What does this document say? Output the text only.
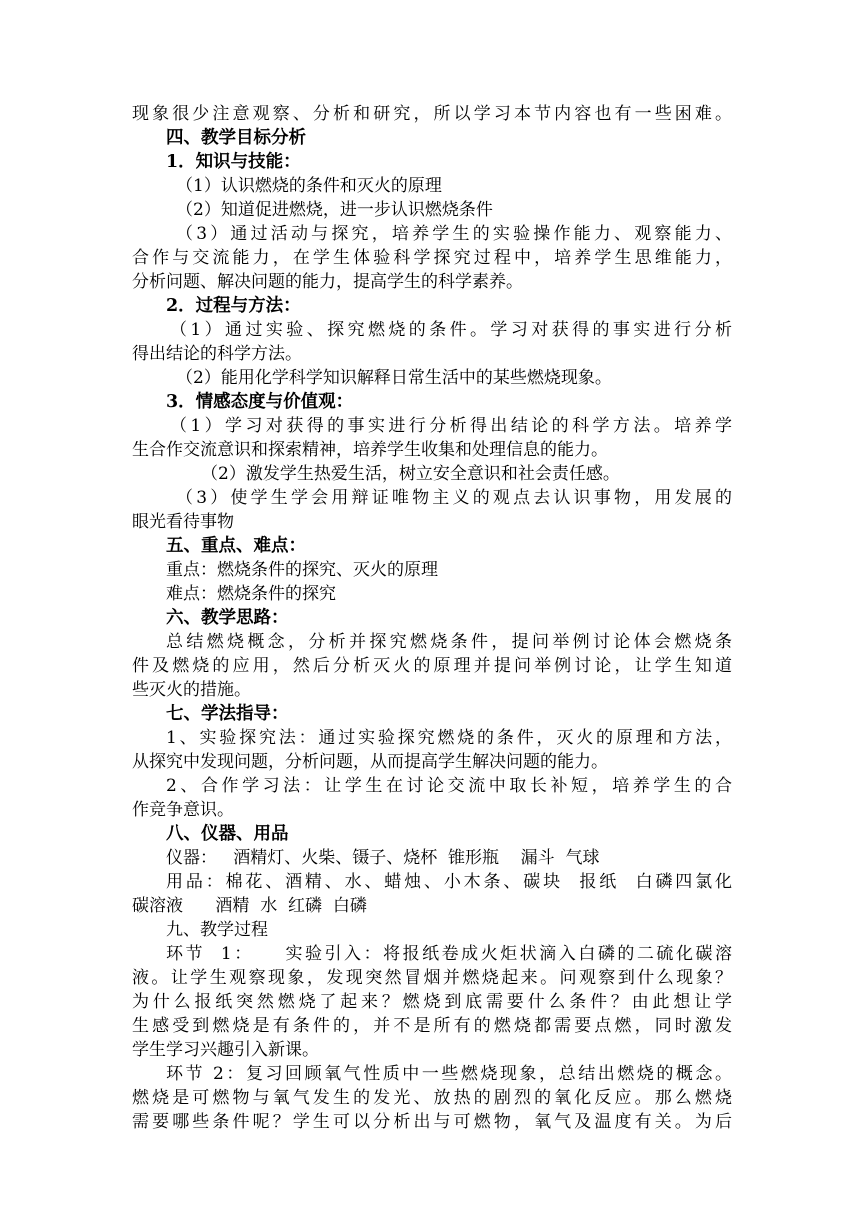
现象很少注意观察、分析和研究，所以学习本节内容也有一些困难。
四、教学目标分析
1．知识与技能：
（1）认识燃烧的条件和灭火的原理
（2）知道促进燃烧，进一步认识燃烧条件
（3）通过活动与探究，培养学生的实验操作能力、观察能力、
合作与交流能力，在学生体验科学探究过程中，培养学生思维能力，
分析问题、解决问题的能力，提高学生的科学素养。
2．过程与方法：
（1）通过实验、探究燃烧的条件。学习对获得的事实进行分析
得出结论的科学方法。
（2）能用化学科学知识解释日常生活中的某些燃烧现象。
3．情感态度与价值观：
（1）学习对获得的事实进行分析得出结论的科学方法。培养学
生合作交流意识和探索精神，培养学生收集和处理信息的能力。
（2）激发学生热爱生活，树立安全意识和社会责任感。
（3）使学生学会用辩证唯物主义的观点去认识事物，用发展的
眼光看待事物
五、重点、难点：
重点：燃烧条件的探究、灭火的原理
难点：燃烧条件的探究
六、教学思路：
总结燃烧概念，分析并探究燃烧条件，提问举例讨论体会燃烧条
件及燃烧的应用，然后分析灭火的原理并提问举例讨论，让学生知道
些灭火的措施。
七、学法指导：
1、实验探究法：通过实验探究燃烧的条件，灭火的原理和方法，
从探究中发现问题，分析问题，从而提高学生解决问题的能力。
2、合作学习法：让学生在讨论交流中取长补短，培养学生的合
作竞争意识。
八、仪器、用品
仪器：   酒精灯、火柴、镊子、烧杯  锥形瓶    漏斗  气球
用品：棉花、酒精、水、蜡烛、小木条、碳块  报纸  白磷四氯化
碳溶液      酒精  水  红磷  白磷
九、教学过程
环节  1：    实验引入：将报纸卷成火炬状滴入白磷的二硫化碳溶
液。让学生观察现象，发现突然冒烟并燃烧起来。问观察到什么现象？
为什么报纸突然燃烧了起来？燃烧到底需要什么条件？由此想让学
生感受到燃烧是有条件的，并不是所有的燃烧都需要点燃，同时激发
学生学习兴趣引入新课。
环节 2：复习回顾氧气性质中一些燃烧现象，总结出燃烧的概念。
燃烧是可燃物与氧气发生的发光、放热的剧烈的氧化反应。那么燃烧
需要哪些条件呢？学生可以分析出与可燃物，氧气及温度有关。为后
